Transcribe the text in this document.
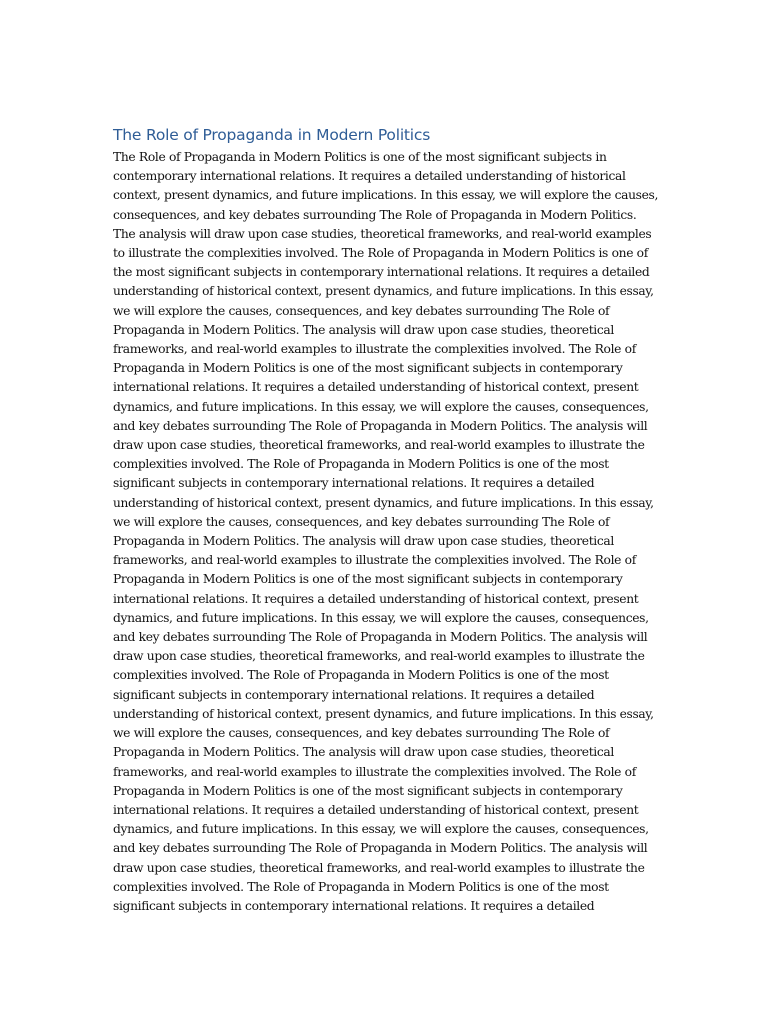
The Role of Propaganda in Modern Politics
The Role of Propaganda in Modern Politics is one of the most significant subjects in
contemporary international relations. It requires a detailed understanding of historical
context, present dynamics, and future implications. In this essay, we will explore the causes,
consequences, and key debates surrounding The Role of Propaganda in Modern Politics.
The analysis will draw upon case studies, theoretical frameworks, and real-world examples
to illustrate the complexities involved. The Role of Propaganda in Modern Politics is one of
the most significant subjects in contemporary international relations. It requires a detailed
understanding of historical context, present dynamics, and future implications. In this essay,
we will explore the causes, consequences, and key debates surrounding The Role of
Propaganda in Modern Politics. The analysis will draw upon case studies, theoretical
frameworks, and real-world examples to illustrate the complexities involved. The Role of
Propaganda in Modern Politics is one of the most significant subjects in contemporary
international relations. It requires a detailed understanding of historical context, present
dynamics, and future implications. In this essay, we will explore the causes, consequences,
and key debates surrounding The Role of Propaganda in Modern Politics. The analysis will
draw upon case studies, theoretical frameworks, and real-world examples to illustrate the
complexities involved. The Role of Propaganda in Modern Politics is one of the most
significant subjects in contemporary international relations. It requires a detailed
understanding of historical context, present dynamics, and future implications. In this essay,
we will explore the causes, consequences, and key debates surrounding The Role of
Propaganda in Modern Politics. The analysis will draw upon case studies, theoretical
frameworks, and real-world examples to illustrate the complexities involved. The Role of
Propaganda in Modern Politics is one of the most significant subjects in contemporary
international relations. It requires a detailed understanding of historical context, present
dynamics, and future implications. In this essay, we will explore the causes, consequences,
and key debates surrounding The Role of Propaganda in Modern Politics. The analysis will
draw upon case studies, theoretical frameworks, and real-world examples to illustrate the
complexities involved. The Role of Propaganda in Modern Politics is one of the most
significant subjects in contemporary international relations. It requires a detailed
understanding of historical context, present dynamics, and future implications. In this essay,
we will explore the causes, consequences, and key debates surrounding The Role of
Propaganda in Modern Politics. The analysis will draw upon case studies, theoretical
frameworks, and real-world examples to illustrate the complexities involved. The Role of
Propaganda in Modern Politics is one of the most significant subjects in contemporary
international relations. It requires a detailed understanding of historical context, present
dynamics, and future implications. In this essay, we will explore the causes, consequences,
and key debates surrounding The Role of Propaganda in Modern Politics. The analysis will
draw upon case studies, theoretical frameworks, and real-world examples to illustrate the
complexities involved. The Role of Propaganda in Modern Politics is one of the most
significant subjects in contemporary international relations. It requires a detailed
